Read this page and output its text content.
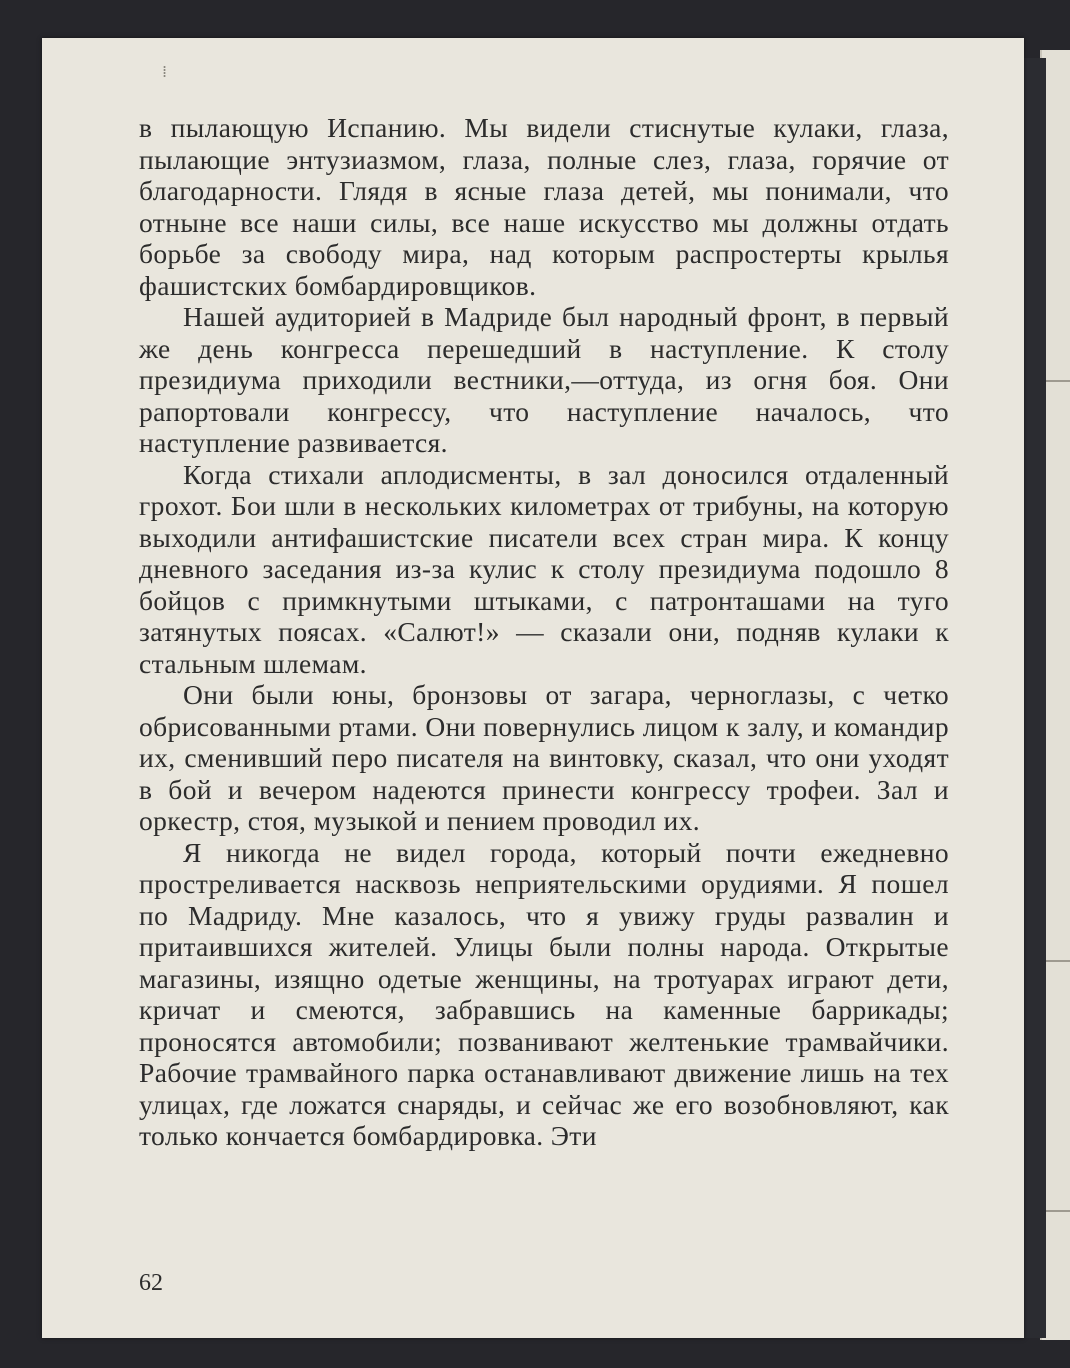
⁞

в пылающую Испанию. Мы видели стиснутые кулаки, глаза, пылающие энтузиазмом, глаза, полные слез, глаза, горячие от благодарности. Глядя в ясные глаза детей, мы понимали, что отныне все наши силы, все наше искусство мы должны отдать борьбе за свободу мира, над которым распростерты крылья фашистских бомбардировщиков.

Нашей аудиторией в Мадриде был народный фронт, в первый же день конгресса перешедший в наступление. К столу президиума приходили вестники,—оттуда, из огня боя. Они рапортовали конгрессу, что наступление началось, что наступление развивается.

Когда стихали аплодисменты, в зал доносился отдаленный грохот. Бои шли в нескольких километрах от трибуны, на которую выходили антифашистские писатели всех стран мира. К концу дневного заседания из-за кулис к столу президиума подошло 8 бойцов с примкнутыми штыками, с патронташами на туго затянутых поясах. «Салют!» — сказали они, подняв кулаки к стальным шлемам.

Они были юны, бронзовы от загара, черноглазы, с четко обрисованными ртами. Они повернулись лицом к залу, и командир их, сменивший перо писателя на винтовку, сказал, что они уходят в бой и вечером надеются принести конгрессу трофеи. Зал и оркестр, стоя, музыкой и пением проводил их.

Я никогда не видел города, который почти ежедневно простреливается насквозь неприятельскими орудиями. Я пошел по Мадриду. Мне казалось, что я увижу груды развалин и притаившихся жителей. Улицы были полны народа. Открытые магазины, изящно одетые женщины, на тротуарах играют дети, кричат и смеются, забравшись на каменные баррикады; проносятся автомобили; позванивают желтенькие трамвайчики. Рабочие трамвайного парка останавливают движение лишь на тех улицах, где ложатся снаряды, и сейчас же его возобновляют, как только кончается бомбардировка. Эти

62
